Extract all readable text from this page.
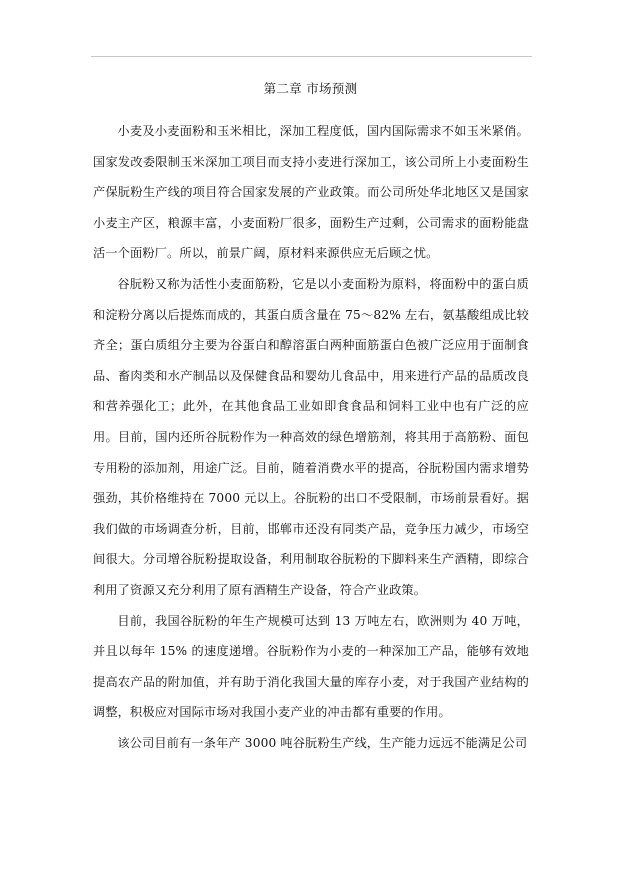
第二章 市场预测

小麦及小麦面粉和玉米相比，深加工程度低，国内国际需求不如玉米紧俏。国家发改委限制玉米深加工项目而支持小麦进行深加工，该公司所上小麦面粉生产保朊粉生产线的项目符合国家发展的产业政策。而公司所处华北地区又是国家小麦主产区，粮源丰富，小麦面粉厂很多，面粉生产过剩，公司需求的面粉能盘活一个面粉厂。所以，前景广阔，原材料来源供应无后顾之忧。

谷朊粉又称为活性小麦面筋粉，它是以小麦面粉为原料，将面粉中的蛋白质和淀粉分离以后提炼而成的，其蛋白质含量在 75～82% 左右，氨基酸组成比较齐全；蛋白质组分主要为谷蛋白和醇溶蛋白两种面筋蛋白色被广泛应用于面制食品、畜肉类和水产制品以及保健食品和婴幼儿食品中，用来进行产品的品质改良和营养强化工；此外，在其他食品工业如即食食品和饲料工业中也有广泛的应用。目前，国内还所谷朊粉作为一种高效的绿色增筋剂，将其用于高筋粉、面包专用粉的添加剂，用途广泛。目前，随着消费水平的提高，谷朊粉国内需求增势强劲，其价格维持在 7000 元以上。谷朊粉的出口不受限制，市场前景看好。据我们做的市场调查分析，目前，邯郸市还没有同类产品，竞争压力减少，市场空间很大。分司增谷朊粉提取设备，利用制取谷朊粉的下脚料来生产酒精，即综合利用了资源又充分利用了原有酒精生产设备，符合产业政策。

目前，我国谷朊粉的年生产规模可达到 13 万吨左右，欧洲则为 40 万吨，并且以每年 15% 的速度递增。谷朊粉作为小麦的一种深加工产品，能够有效地提高农产品的附加值，并有助于消化我国大量的库存小麦，对于我国产业结构的调整，积极应对国际市场对我国小麦产业的冲击都有重要的作用。

该公司目前有一条年产 3000 吨谷朊粉生产线，生产能力远远不能满足公司
